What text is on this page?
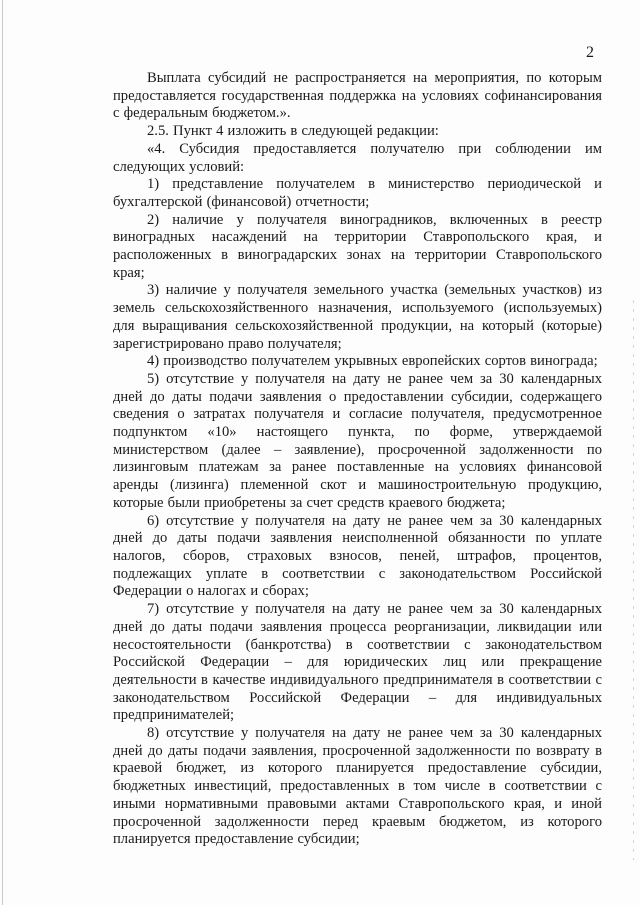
2

Выплата субсидий не распространяется на мероприятия, по которым предоставляется государственная поддержка на условиях софинансирования с федеральным бюджетом.».

2.5. Пункт 4 изложить в следующей редакции:

«4. Субсидия предоставляется получателю при соблюдении им следующих условий:

1) представление получателем в министерство периодической и бухгалтерской (финансовой) отчетности;

2) наличие у получателя виноградников, включенных в реестр виноградных насаждений на территории Ставропольского края, и расположенных в виноградарских зонах на территории Ставропольского края;

3) наличие у получателя земельного участка (земельных участков) из земель сельскохозяйственного назначения, используемого (используемых) для выращивания сельскохозяйственной продукции, на который (которые) зарегистрировано право получателя;

4) производство получателем укрывных европейских сортов винограда;

5) отсутствие у получателя на дату не ранее чем за 30 календарных дней до даты подачи заявления о предоставлении субсидии, содержащего сведения о затратах получателя и согласие получателя, предусмотренное подпунктом «10» настоящего пункта, по форме, утверждаемой министерством (далее – заявление), просроченной задолженности по лизинговым платежам за ранее поставленные на условиях финансовой аренды (лизинга) племенной скот и машиностроительную продукцию, которые были приобретены за счет средств краевого бюджета;

6) отсутствие у получателя на дату не ранее чем за 30 календарных дней до даты подачи заявления неисполненной обязанности по уплате налогов, сборов, страховых взносов, пеней, штрафов, процентов, подлежащих уплате в соответствии с законодательством Российской Федерации о налогах и сборах;

7) отсутствие у получателя на дату не ранее чем за 30 календарных дней до даты подачи заявления процесса реорганизации, ликвидации или несостоятельности (банкротства) в соответствии с законодательством Российской Федерации – для юридических лиц или прекращение деятельности в качестве индивидуального предпринимателя в соответствии с законодательством Российской Федерации – для индивидуальных предпринимателей;

8) отсутствие у получателя на дату не ранее чем за 30 календарных дней до даты подачи заявления, просроченной задолженности по возврату в краевой бюджет, из которого планируется предоставление субсидии, бюджетных инвестиций, предоставленных в том числе в соответствии с иными нормативными правовыми актами Ставропольского края, и иной просроченной задолженности перед краевым бюджетом, из которого планируется предоставление субсидии;
